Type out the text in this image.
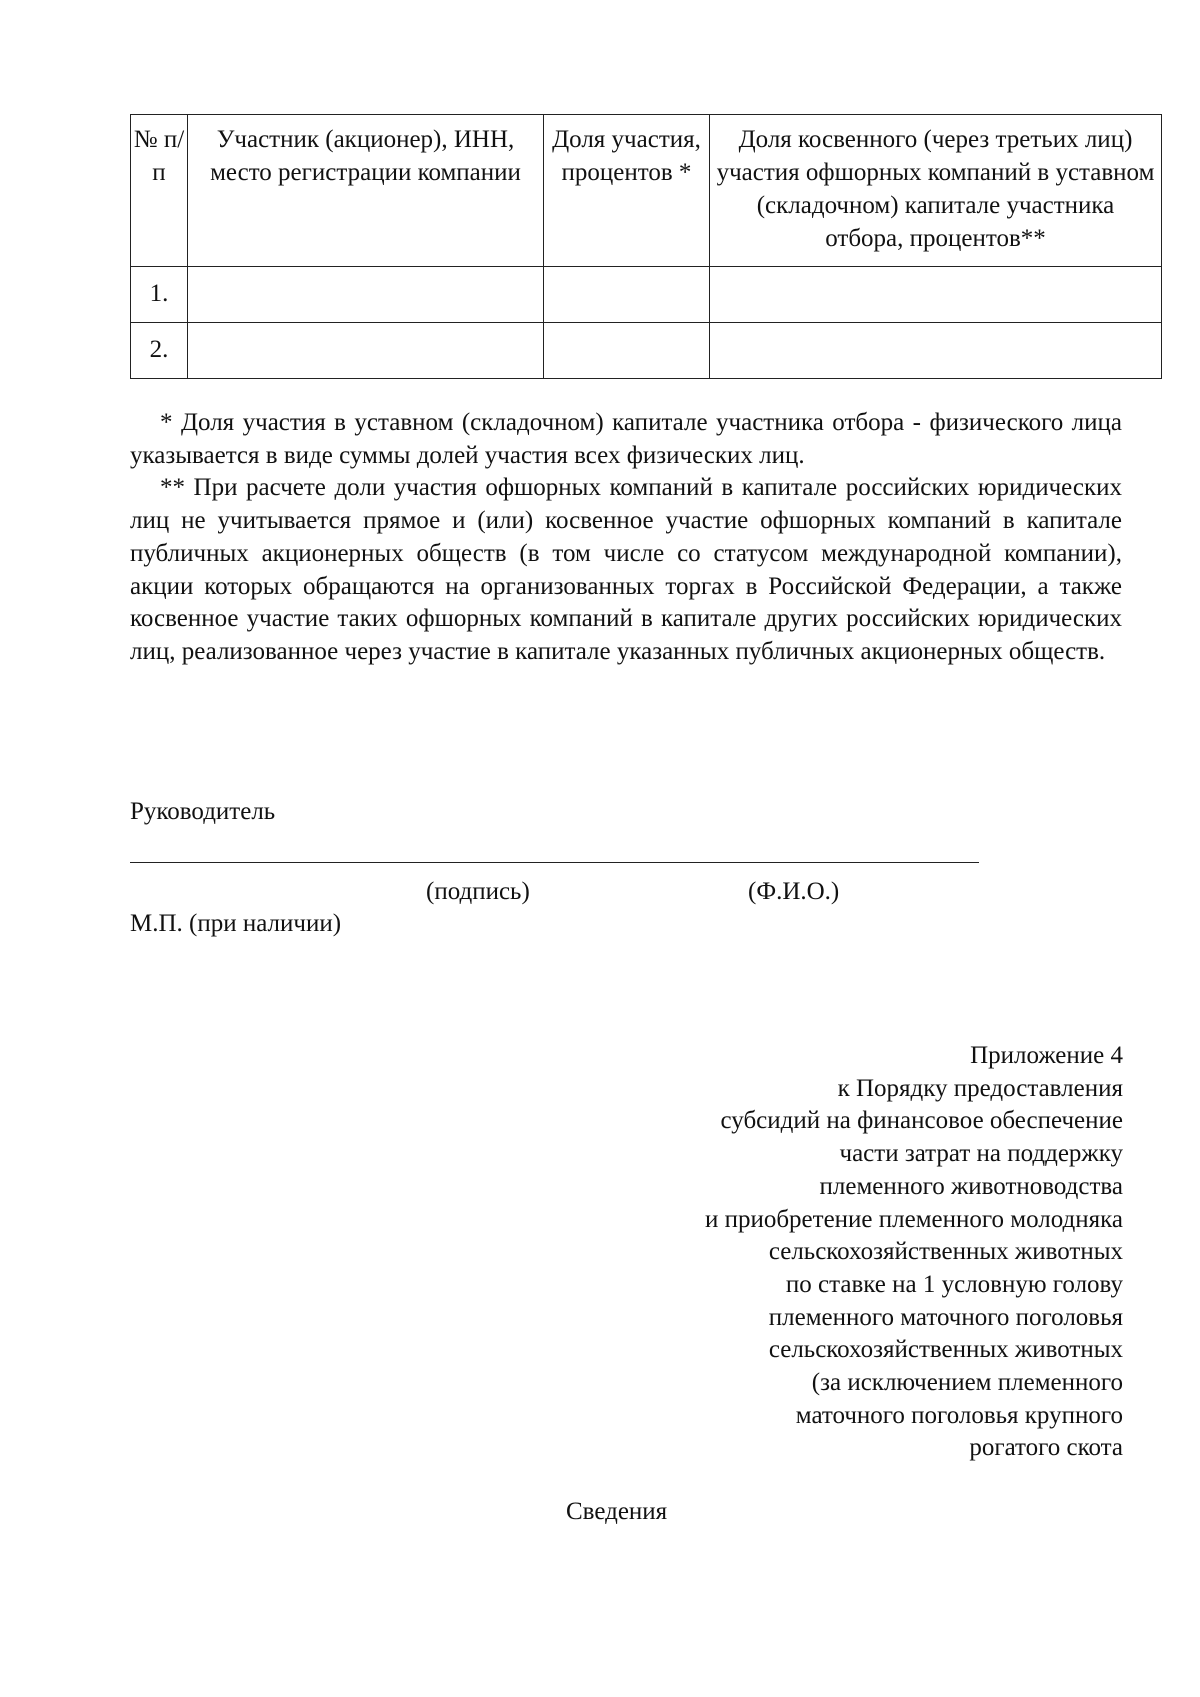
№ п/п	Участник (акционер), ИНН, место регистрации компании	Доля участия, процентов *	Доля косвенного (через третьих лиц) участия офшорных компаний в уставном (складочном) капитале участника отбора, процентов**
1.			
2.			

* Доля участия в уставном (складочном) капитале участника отбора - физического лица указывается в виде суммы долей участия всех физических лиц.

** При расчете доли участия офшорных компаний в капитале российских юридических лиц не учитывается прямое и (или) косвенное участие офшорных компаний в капитале публичных акционерных обществ (в том числе со статусом международной компании), акции которых обращаются на организованных торгах в Российской Федерации, а также косвенное участие таких офшорных компаний в капитале других российских юридических лиц, реализованное через участие в капитале указанных публичных акционерных обществ.

Руководитель
(подпись)	(Ф.И.О.)
М.П. (при наличии)
Приложение 4
к Порядку предоставления
субсидий на финансовое обеспечение
части затрат на поддержку
племенного животноводства
и приобретение племенного молодняка
сельскохозяйственных животных
по ставке на 1 условную голову
племенного маточного поголовья
сельскохозяйственных животных
(за исключением племенного
маточного поголовья крупного
рогатого скота
Сведения
